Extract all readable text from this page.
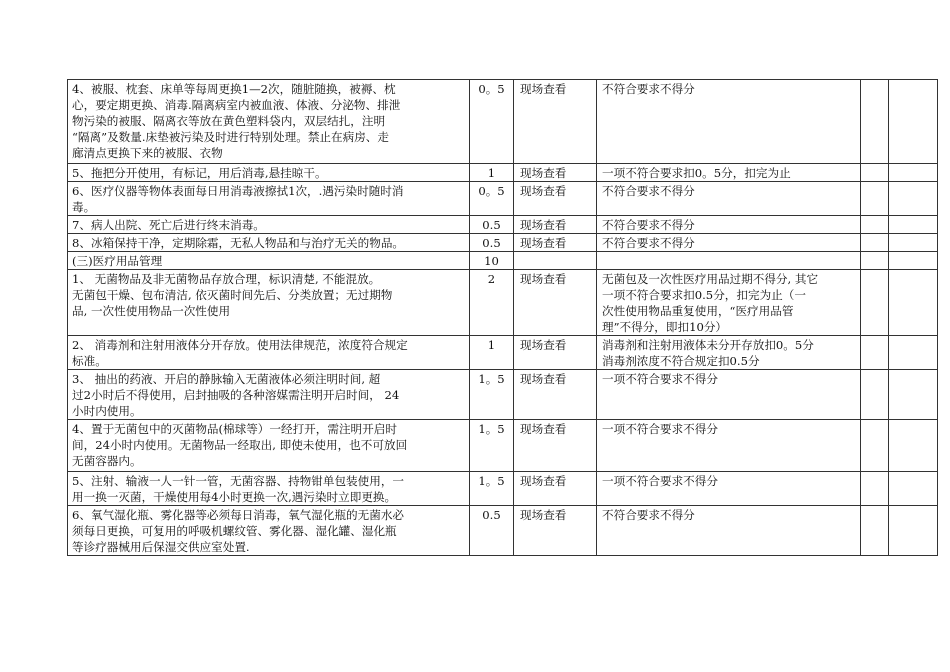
4、被服、枕套、床单等每周更换1—2次，随脏随换，被褥、枕
心，要定期更换、消毒.隔离病室内被血液、体液、分泌物、排泄
物污染的被服、隔离衣等放在黄色塑料袋内，双层结扎，注明
“隔离”及数量.床垫被污染及时进行特别处理。禁止在病房、走
廊清点更换下来的被服、衣物	0。5	现场查看	不符合要求不得分		

5、拖把分开使用，有标记，用后消毒,悬挂晾干。	1	现场查看	一项不符合要求扣0。5分，扣完为止		

6、医疗仪器等物体表面每日用消毒液擦拭1次，.遇污染时随时消
毒。	0。5	现场查看	不符合要求不得分		

7、病人出院、死亡后进行终末消毒。	0.5	现场查看	不符合要求不得分		

8、冰箱保持干净，定期除霜，无私人物品和与治疗无关的物品。	0.5	现场查看	不符合要求不得分		

(三)医疗用品管理	10		

1、 无菌物品及非无菌物品存放合理，标识清楚, 不能混放。
无菌包干燥、包布清洁, 依灭菌时间先后、分类放置；无过期物
品, 一次性使用物品一次性使用	2	现场查看	无菌包及一次性医疗用品过期不得分, 其它
一项不符合要求扣0.5分，扣完为止（一
次性使用物品重复使用，“医疗用品管
理”不得分，即扣10分）		

2、 消毒剂和注射用液体分开存放。使用法律规范，浓度符合规定
标准。	1	现场查看	消毒剂和注射用液体未分开存放扣0。5分
消毒剂浓度不符合规定扣0.5分		

3、 抽出的药液、开启的静脉输入无菌液体必须注明时间, 超
过2小时后不得使用，启封抽吸的各种溶媒需注明开启时间， 24
小时内使用。	1。5	现场查看	一项不符合要求不得分		

4、置于无菌包中的灭菌物品(棉球等）一经打开，需注明开启时
间，24小时内使用。无菌物品一经取出, 即使未使用，也不可放回
无菌容器内。	1。5	现场查看	一项不符合要求不得分		

5、注射、输液一人一针一管，无菌容器、持物钳单包装使用，一
用一换一灭菌，干燥使用每4小时更换一次,遇污染时立即更换。	1。5	现场查看	一项不符合要求不得分		

6、氧气湿化瓶、雾化器等必须每日消毒，氧气湿化瓶的无菌水必
须每日更换，可复用的呼吸机螺纹管、雾化器、湿化罐、湿化瓶
等诊疗器械用后保湿交供应室处置.	0.5	现场查看	不符合要求不得分		
